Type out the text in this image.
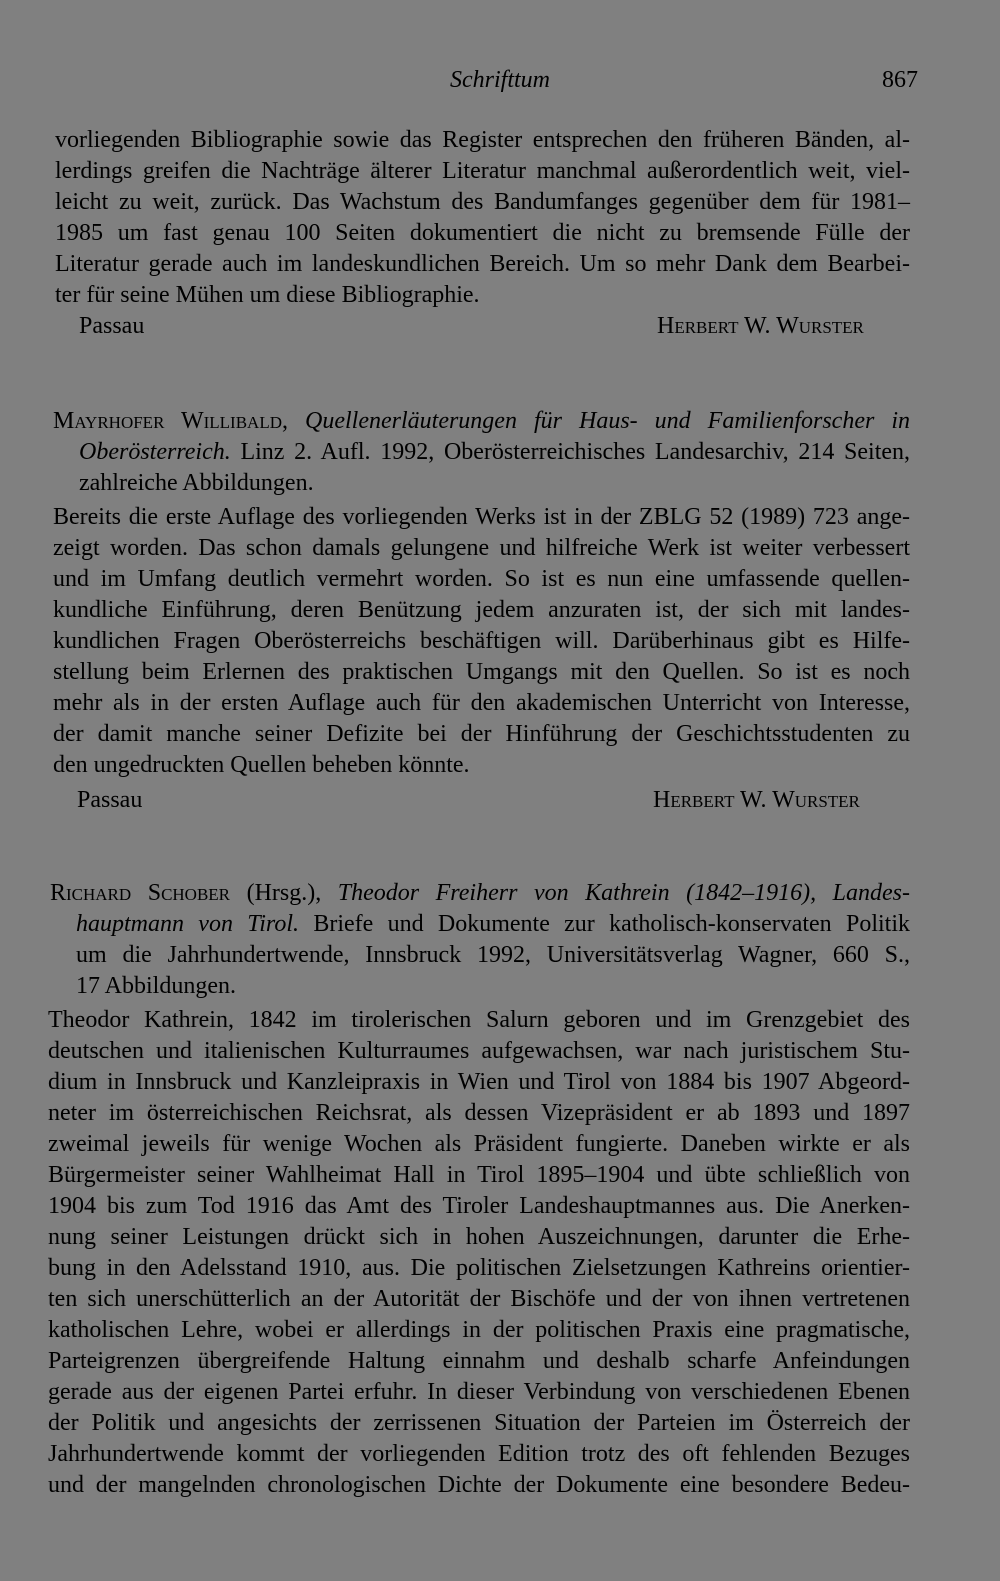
Schrifttum	867
vorliegenden Bibliographie sowie das Register entsprechen den früheren Bänden, al-
lerdings greifen die Nachträge älterer Literatur manchmal außerordentlich weit, viel-
leicht zu weit, zurück. Das Wachstum des Bandumfanges gegenüber dem für 1981–
1985 um fast genau 100 Seiten dokumentiert die nicht zu bremsende Fülle der
Literatur gerade auch im landeskundlichen Bereich. Um so mehr Dank dem Bearbei-
ter für seine Mühen um diese Bibliographie.
Passau	Herbert W. Wurster
Mayrhofer Willibald, Quellenerläuterungen für Haus- und Familienforscher in
Oberösterreich. Linz 2. Aufl. 1992, Oberösterreichisches Landesarchiv, 214 Seiten,
zahlreiche Abbildungen.
Bereits die erste Auflage des vorliegenden Werks ist in der ZBLG 52 (1989) 723 ange-
zeigt worden. Das schon damals gelungene und hilfreiche Werk ist weiter verbessert
und im Umfang deutlich vermehrt worden. So ist es nun eine umfassende quellen-
kundliche Einführung, deren Benützung jedem anzuraten ist, der sich mit landes-
kundlichen Fragen Oberösterreichs beschäftigen will. Darüberhinaus gibt es Hilfe-
stellung beim Erlernen des praktischen Umgangs mit den Quellen. So ist es noch
mehr als in der ersten Auflage auch für den akademischen Unterricht von Interesse,
der damit manche seiner Defizite bei der Hinführung der Geschichtsstudenten zu
den ungedruckten Quellen beheben könnte.
Passau	Herbert W. Wurster
Richard Schober (Hrsg.), Theodor Freiherr von Kathrein (1842–1916), Landes-
hauptmann von Tirol. Briefe und Dokumente zur katholisch-konservaten Politik
um die Jahrhundertwende, Innsbruck 1992, Universitätsverlag Wagner, 660 S.,
17 Abbildungen.
Theodor Kathrein, 1842 im tirolerischen Salurn geboren und im Grenzgebiet des
deutschen und italienischen Kulturraumes aufgewachsen, war nach juristischem Stu-
dium in Innsbruck und Kanzleipraxis in Wien und Tirol von 1884 bis 1907 Abgeord-
neter im österreichischen Reichsrat, als dessen Vizepräsident er ab 1893 und 1897
zweimal jeweils für wenige Wochen als Präsident fungierte. Daneben wirkte er als
Bürgermeister seiner Wahlheimat Hall in Tirol 1895–1904 und übte schließlich von
1904 bis zum Tod 1916 das Amt des Tiroler Landeshauptmannes aus. Die Anerken-
nung seiner Leistungen drückt sich in hohen Auszeichnungen, darunter die Erhe-
bung in den Adelsstand 1910, aus. Die politischen Zielsetzungen Kathreins orientier-
ten sich unerschütterlich an der Autorität der Bischöfe und der von ihnen vertretenen
katholischen Lehre, wobei er allerdings in der politischen Praxis eine pragmatische,
Parteigrenzen übergreifende Haltung einnahm und deshalb scharfe Anfeindungen
gerade aus der eigenen Partei erfuhr. In dieser Verbindung von verschiedenen Ebenen
der Politik und angesichts der zerrissenen Situation der Parteien im Österreich der
Jahrhundertwende kommt der vorliegenden Edition trotz des oft fehlenden Bezuges
und der mangelnden chronologischen Dichte der Dokumente eine besondere Bedeu-
